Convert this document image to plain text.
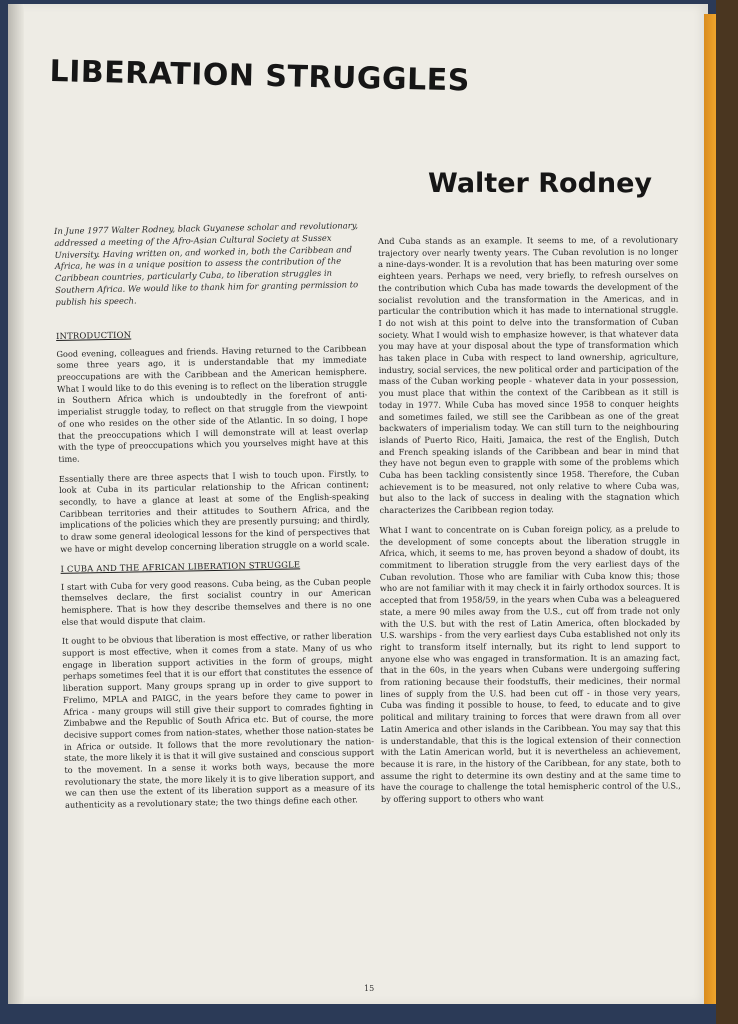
LIBERATION STRUGGLES
Walter Rodney

In June 1977 Walter Rodney, black Guyanese scholar and revolutionary, addressed a meeting of the Afro-Asian Cultural Society at Sussex University. Having written on, and worked in, both the Caribbean and Africa, he was in a unique position to assess the contribution of the Caribbean countries, particularly Cuba, to liberation struggles in Southern Africa. We would like to thank him for granting permission to publish his speech.

INTRODUCTION

Good evening, colleagues and friends. Having returned to the Caribbean some three years ago, it is understandable that my immediate preoccupations are with the Caribbean and the American hemisphere. What I would like to do this evening is to reflect on the liberation struggle in Southern Africa which is undoubtedly in the forefront of anti-imperialist struggle today, to reflect on that struggle from the viewpoint of one who resides on the other side of the Atlantic. In so doing, I hope that the preoccupations which I will demonstrate will at least overlap with the type of preoccupations which you yourselves might have at this time.

Essentially there are three aspects that I wish to touch upon. Firstly, to look at Cuba in its particular relationship to the African continent; secondly, to have a glance at least at some of the English-speaking Caribbean territories and their attitudes to Southern Africa, and the implications of the policies which they are presently pursuing; and thirdly, to draw some general ideological lessons for the kind of perspectives that we have or might develop concerning liberation struggle on a world scale.

I CUBA AND THE AFRICAN LIBERATION STRUGGLE

I start with Cuba for very good reasons. Cuba being, as the Cuban people themselves declare, the first socialist country in our American hemisphere. That is how they describe themselves and there is no one else that would dispute that claim.

It ought to be obvious that liberation is most effective, or rather liberation support is most effective, when it comes from a state. Many of us who engage in liberation support activities in the form of groups, might perhaps sometimes feel that it is our effort that constitutes the essence of liberation support. Many groups sprang up in order to give support to Frelimo, MPLA and PAIGC, in the years before they came to power in Africa - many groups will still give their support to comrades fighting in Zimbabwe and the Republic of South Africa etc. But of course, the more decisive support comes from nation-states, whether those nation-states be in Africa or outside. It follows that the more revolutionary the nation-state, the more likely it is that it will give sustained and conscious support to the movement. In a sense it works both ways, because the more revolutionary the state, the more likely it is to give liberation support, and we can then use the extent of its liberation support as a measure of its authenticity as a revolutionary state; the two things define each other.

And Cuba stands as an example. It seems to me, of a revolutionary trajectory over nearly twenty years. The Cuban revolution is no longer a nine-days-wonder. It is a revolution that has been maturing over some eighteen years. Perhaps we need, very briefly, to refresh ourselves on the contribution which Cuba has made towards the development of the socialist revolution and the transformation in the Americas, and in particular the contribution which it has made to international struggle. I do not wish at this point to delve into the transformation of Cuban society. What I would wish to emphasize however, is that whatever data you may have at your disposal about the type of transformation which has taken place in Cuba with respect to land ownership, agriculture, industry, social services, the new political order and participation of the mass of the Cuban working people - whatever data in your possession, you must place that within the context of the Caribbean as it still is today in 1977. While Cuba has moved since 1958 to conquer heights and sometimes failed, we still see the Caribbean as one of the great backwaters of imperialism today. We can still turn to the neighbouring islands of Puerto Rico, Haiti, Jamaica, the rest of the English, Dutch and French speaking islands of the Caribbean and bear in mind that they have not begun even to grapple with some of the problems which Cuba has been tackling consistently since 1958. Therefore, the Cuban achievement is to be measured, not only relative to where Cuba was, but also to the lack of success in dealing with the stagnation which characterizes the Caribbean region today.

What I want to concentrate on is Cuban foreign policy, as a prelude to the development of some concepts about the liberation struggle in Africa, which, it seems to me, has proven beyond a shadow of doubt, its commitment to liberation struggle from the very earliest days of the Cuban revolution. Those who are familiar with Cuba know this; those who are not familiar with it may check it in fairly orthodox sources. It is accepted that from 1958/59, in the years when Cuba was a beleaguered state, a mere 90 miles away from the U.S., cut off from trade not only with the U.S. but with the rest of Latin America, often blockaded by U.S. warships - from the very earliest days Cuba established not only its right to transform itself internally, but its right to lend support to anyone else who was engaged in transformation. It is an amazing fact, that in the 60s, in the years when Cubans were undergoing suffering from rationing because their foodstuffs, their medicines, their normal lines of supply from the U.S. had been cut off - in those very years, Cuba was finding it possible to house, to feed, to educate and to give political and military training to forces that were drawn from all over Latin America and other islands in the Caribbean. You may say that this is understandable, that this is the logical extension of their connection with the Latin American world, but it is nevertheless an achievement, because it is rare, in the history of the Caribbean, for any state, both to assume the right to determine its own destiny and at the same time to have the courage to challenge the total hemispheric control of the U.S., by offering support to others who want

15
